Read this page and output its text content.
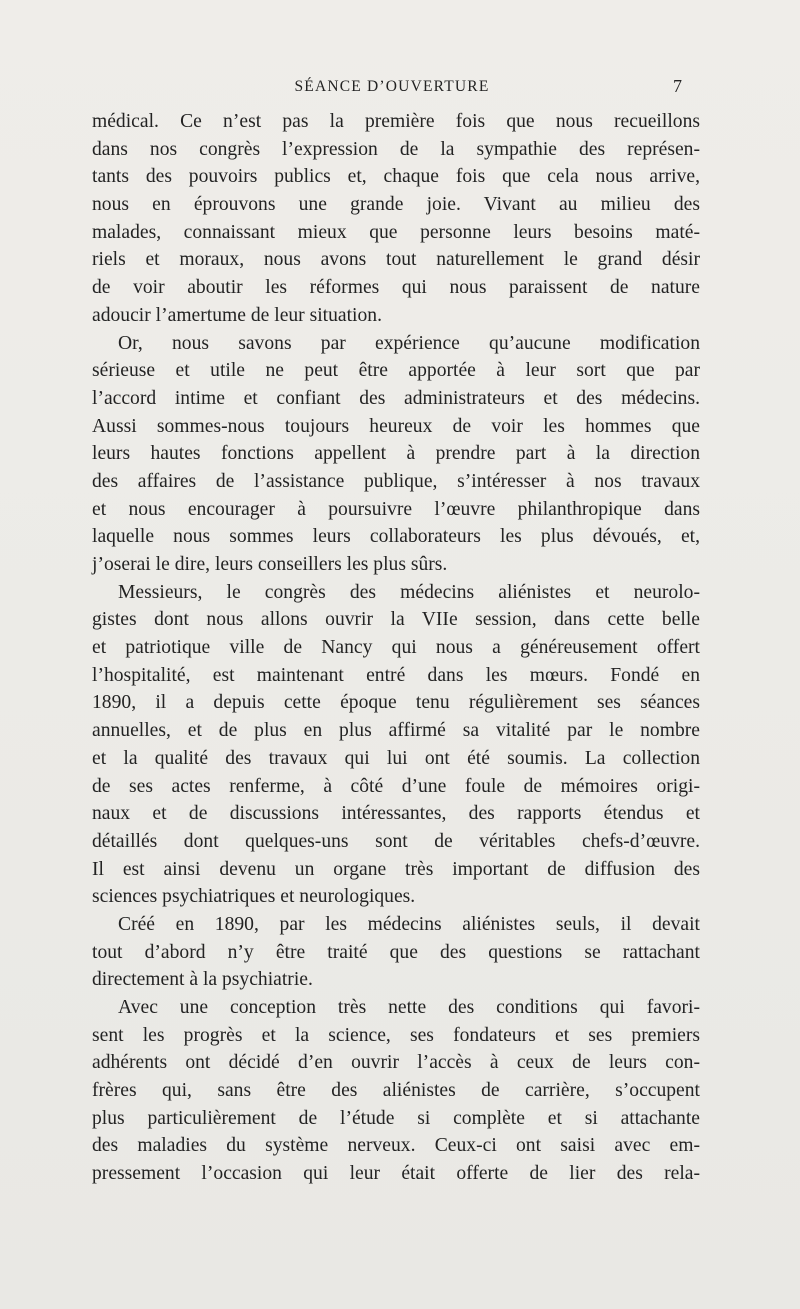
SÉANCE D’OUVERTURE	7
médical. Ce n’est pas la première fois que nous recueillons
dans nos congrès l’expression de la sympathie des représen-
tants des pouvoirs publics et, chaque fois que cela nous arrive,
nous en éprouvons une grande joie. Vivant au milieu des
malades, connaissant mieux que personne leurs besoins maté-
riels et moraux, nous avons tout naturellement le grand désir
de voir aboutir les réformes qui nous paraissent de nature
adoucir l’amertume de leur situation.
Or, nous savons par expérience qu’aucune modification
sérieuse et utile ne peut être apportée à leur sort que par
l’accord intime et confiant des administrateurs et des médecins.
Aussi sommes-nous toujours heureux de voir les hommes que
leurs hautes fonctions appellent à prendre part à la direction
des affaires de l’assistance publique, s’intéresser à nos travaux
et nous encourager à poursuivre l’œuvre philanthropique dans
laquelle nous sommes leurs collaborateurs les plus dévoués, et,
j’oserai le dire, leurs conseillers les plus sûrs.
Messieurs, le congrès des médecins aliénistes et neurolo-
gistes dont nous allons ouvrir la VIIe session, dans cette belle
et patriotique ville de Nancy qui nous a généreusement offert
l’hospitalité, est maintenant entré dans les mœurs. Fondé en
1890, il a depuis cette époque tenu régulièrement ses séances
annuelles, et de plus en plus affirmé sa vitalité par le nombre
et la qualité des travaux qui lui ont été soumis. La collection
de ses actes renferme, à côté d’une foule de mémoires origi-
naux et de discussions intéressantes, des rapports étendus et
détaillés dont quelques-uns sont de véritables chefs-d’œuvre.
Il est ainsi devenu un organe très important de diffusion des
sciences psychiatriques et neurologiques.
Créé en 1890, par les médecins aliénistes seuls, il devait
tout d’abord n’y être traité que des questions se rattachant
directement à la psychiatrie.
Avec une conception très nette des conditions qui favori-
sent les progrès et la science, ses fondateurs et ses premiers
adhérents ont décidé d’en ouvrir l’accès à ceux de leurs con-
frères qui, sans être des aliénistes de carrière, s’occupent
plus particulièrement de l’étude si complète et si attachante
des maladies du système nerveux. Ceux-ci ont saisi avec em-
pressement l’occasion qui leur était offerte de lier des rela-
